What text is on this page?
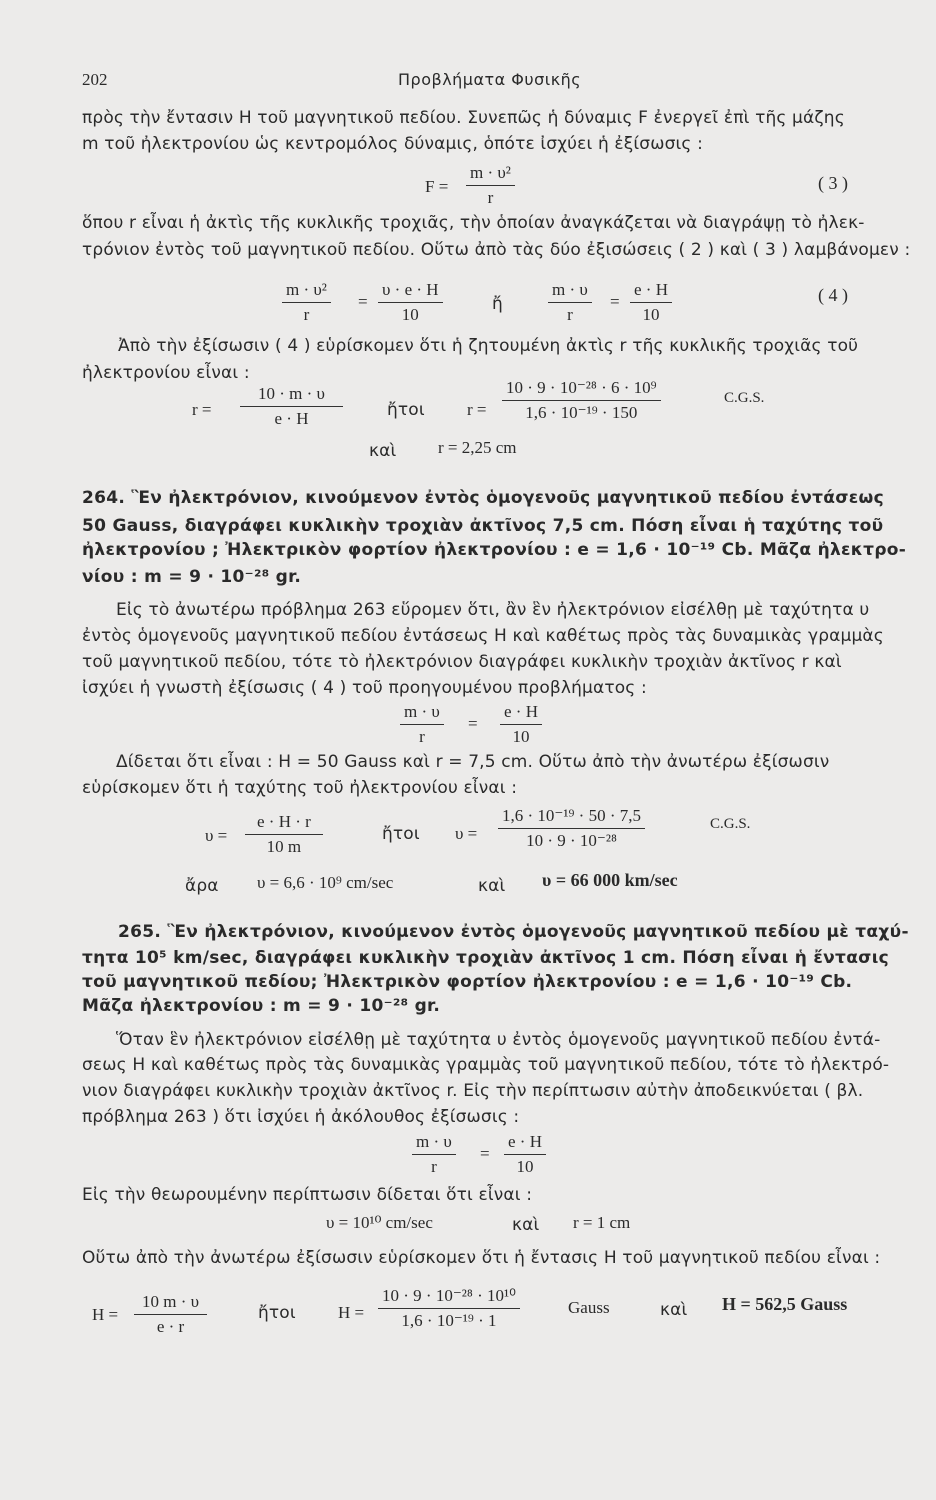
202	Προβλήματα Φυσικῆς
πρὸς τὴν ἔντασιν H τοῦ μαγνητικοῦ πεδίου. Συνεπῶς ἡ δύναμις F ἐνεργεῖ ἐπὶ τῆς μάζης
m τοῦ ἠλεκτρονίου ὡς κεντρομόλος δύναμις, ὁπότε ἰσχύει ἡ ἐξίσωσις :
$F = \frac{\text{m · υ²}}{r}$	( 3 )
ὅπου r εἶναι ἡ ἀκτὶς τῆς κυκλικῆς τροχιᾶς, τὴν ὁποίαν ἀναγκάζεται νὰ διαγράψῃ τὸ ἠλεκ-
τρόνιον ἐντὸς τοῦ μαγνητικοῦ πεδίου. Οὕτω ἀπὸ τὰς δύο ἐξισώσεις ( 2 ) καὶ ( 3 ) λαμβάνομεν :
$\frac{\text{m · υ²}}{r} = \frac{\upsilon \cdot e \cdot H}{10}$	ἤ	$\frac{m \cdot \upsilon}{r} = \frac{e \cdot H}{10}$	( 4 )
Ἀπὸ τὴν ἐξίσωσιν ( 4 ) εὑρίσκομεν ὅτι ἡ ζητουμένη ἀκτὶς r τῆς κυκλικῆς τροχιᾶς τοῦ
ἠλεκτρονίου εἶναι :
$r = \frac{10 \cdot m \cdot \upsilon}{e \cdot H}$	ἤτοι $r = \frac{\text{10 · 9 · 10⁻²⁸ · 6 · 10⁹}}{\text{1,6 · 10⁻¹⁹ · 150}}$	C.G.S.
καὶ r = 2,25 cm
264. Ἓν ἠλεκτρόνιον, κινούμενον ἐντὸς ὁμογενοῦς μαγνητικοῦ πεδίου ἐντάσεως
50 Gauss, διαγράφει κυκλικὴν τροχιὰν ἀκτῖνος 7,5 cm. Πόση εἶναι ἡ ταχύτης τοῦ
ἠλεκτρονίου ; Ἠλεκτρικὸν φορτίον ἠλεκτρονίου : e = 1,6 · 10⁻¹⁹ Cb. Μᾶζα ἠλεκτρο-
νίου : m = 9 · 10⁻²⁸ gr.
Εἰς τὸ ἀνωτέρω πρόβλημα 263 εὕρομεν ὅτι, ἂν ἓν ἠλεκτρόνιον εἰσέλθῃ μὲ ταχύτητα υ
ἐντὸς ὁμογενοῦς μαγνητικοῦ πεδίου ἐντάσεως H καὶ καθέτως πρὸς τὰς δυναμικὰς γραμμὰς
τοῦ μαγνητικοῦ πεδίου, τότε τὸ ἠλεκτρόνιον διαγράφει κυκλικὴν τροχιὰν ἀκτῖνος r καὶ
ἰσχύει ἡ γνωστὴ ἐξίσωσις ( 4 ) τοῦ προηγουμένου προβλήματος :
$\frac{m \cdot \upsilon}{r} = \frac{e \cdot H}{10}$
Δίδεται ὅτι εἶναι : H = 50 Gauss καὶ r = 7,5 cm. Οὕτω ἀπὸ τὴν ἀνωτέρω ἐξίσωσιν
εὑρίσκομεν ὅτι ἡ ταχύτης τοῦ ἠλεκτρονίου εἶναι :
$\upsilon = \frac{e \cdot H \cdot r}{10 m}$	ἤτοι $\upsilon = \frac{\text{1,6 · 10⁻¹⁹ · 50 · 7,5}}{\text{10 · 9 · 10⁻²⁸}}$	C.G.S.
ἄρα υ = 6,6 · 10⁹ cm/sec	καὶ υ = 66 000 km/sec
265. Ἓν ἠλεκτρόνιον, κινούμενον ἐντὸς ὁμογενοῦς μαγνητικοῦ πεδίου μὲ ταχύ-
τητα 10⁵ km/sec, διαγράφει κυκλικὴν τροχιὰν ἀκτῖνος 1 cm. Πόση εἶναι ἡ ἔντασις
τοῦ μαγνητικοῦ πεδίου; Ἠλεκτρικὸν φορτίον ἠλεκτρονίου : e = 1,6 · 10⁻¹⁹ Cb.
Μᾶζα ἠλεκτρονίου : m = 9 · 10⁻²⁸ gr.
Ὅταν ἓν ἠλεκτρόνιον εἰσέλθῃ μὲ ταχύτητα υ ἐντὸς ὁμογενοῦς μαγνητικοῦ πεδίου ἐντά-
σεως H καὶ καθέτως πρὸς τὰς δυναμικὰς γραμμὰς τοῦ μαγνητικοῦ πεδίου, τότε τὸ ἠλεκτρό-
νιον διαγράφει κυκλικὴν τροχιὰν ἀκτῖνος r. Εἰς τὴν περίπτωσιν αὐτὴν ἀποδεικνύεται ( βλ.
πρόβλημα 263 ) ὅτι ἰσχύει ἡ ἀκόλουθος ἐξίσωσις :
$\frac{m \cdot \upsilon}{r} = \frac{e \cdot H}{10}$
Εἰς τὴν θεωρουμένην περίπτωσιν δίδεται ὅτι εἶναι :
υ = 10¹⁰ cm/sec	καὶ r = 1 cm
Οὕτω ἀπὸ τὴν ἀνωτέρω ἐξίσωσιν εὑρίσκομεν ὅτι ἡ ἔντασις H τοῦ μαγνητικοῦ πεδίου εἶναι :
$H = \frac{10 m \cdot \upsilon}{e \cdot r}$	ἤτοι $H = \frac{\text{10 · 9 · 10⁻²⁸ · 10¹⁰}}{\text{1,6 · 10⁻¹⁹ · 1}}$	Gauss	καὶ H = 562,5 Gauss
